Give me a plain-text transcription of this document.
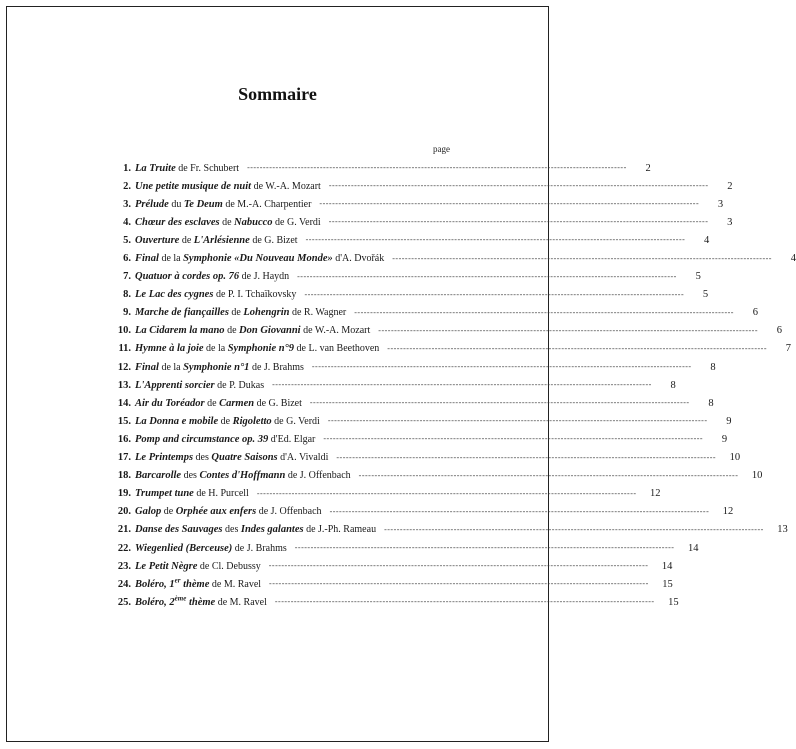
Sommaire
page
1. La Truite de Fr. Schubert ------------------------------------------------------------------------------------------------------------------------	2
2. Une petite musique de nuit de W.-A. Mozart ------------------------------------------------------------------------------------------------------------------------	2
3. Prélude du Te Deum de M.-A. Charpentier ------------------------------------------------------------------------------------------------------------------------	3
4. Chœur des esclaves de Nabucco de G. Verdi ------------------------------------------------------------------------------------------------------------------------	3
5. Ouverture de L'Arlésienne de G. Bizet ------------------------------------------------------------------------------------------------------------------------	4
6. Final de la Symphonie «Du Nouveau Monde» d'A. Dvořák ------------------------------------------------------------------------------------------------------------------------	4
7. Quatuor à cordes op. 76 de J. Haydn ------------------------------------------------------------------------------------------------------------------------	5
8. Le Lac des cygnes de P. I. Tchaïkovsky ------------------------------------------------------------------------------------------------------------------------	5
9. Marche de fiançailles de Lohengrin de R. Wagner ------------------------------------------------------------------------------------------------------------------------	6
10. La Cidarem la mano de Don Giovanni de W.-A. Mozart ------------------------------------------------------------------------------------------------------------------------	6
11. Hymne à la joie de la Symphonie n°9 de L. van Beethoven ------------------------------------------------------------------------------------------------------------------------	7
12. Final de la Symphonie n°1 de J. Brahms ------------------------------------------------------------------------------------------------------------------------	8
13. L'Apprenti sorcier de P. Dukas ------------------------------------------------------------------------------------------------------------------------	8
14. Air du Toréador de Carmen de G. Bizet ------------------------------------------------------------------------------------------------------------------------	8
15. La Donna e mobile de Rigoletto de G. Verdi ------------------------------------------------------------------------------------------------------------------------	9
16. Pomp and circumstance op. 39 d'Ed. Elgar ------------------------------------------------------------------------------------------------------------------------	9
17. Le Printemps des Quatre Saisons d'A. Vivaldi ------------------------------------------------------------------------------------------------------------------------	10
18. Barcarolle des Contes d'Hoffmann de J. Offenbach ------------------------------------------------------------------------------------------------------------------------	10
19. Trumpet tune de H. Purcell ------------------------------------------------------------------------------------------------------------------------	12
20. Galop de Orphée aux enfers de J. Offenbach ------------------------------------------------------------------------------------------------------------------------	12
21. Danse des Sauvages des Indes galantes de J.-Ph. Rameau ------------------------------------------------------------------------------------------------------------------------	13
22. Wiegenlied (Berceuse) de J. Brahms ------------------------------------------------------------------------------------------------------------------------	14
23. Le Petit Nègre de Cl. Debussy ------------------------------------------------------------------------------------------------------------------------	14
24. Boléro, 1er thème de M. Ravel ------------------------------------------------------------------------------------------------------------------------	15
25. Boléro, 2ème thème de M. Ravel ------------------------------------------------------------------------------------------------------------------------	15
